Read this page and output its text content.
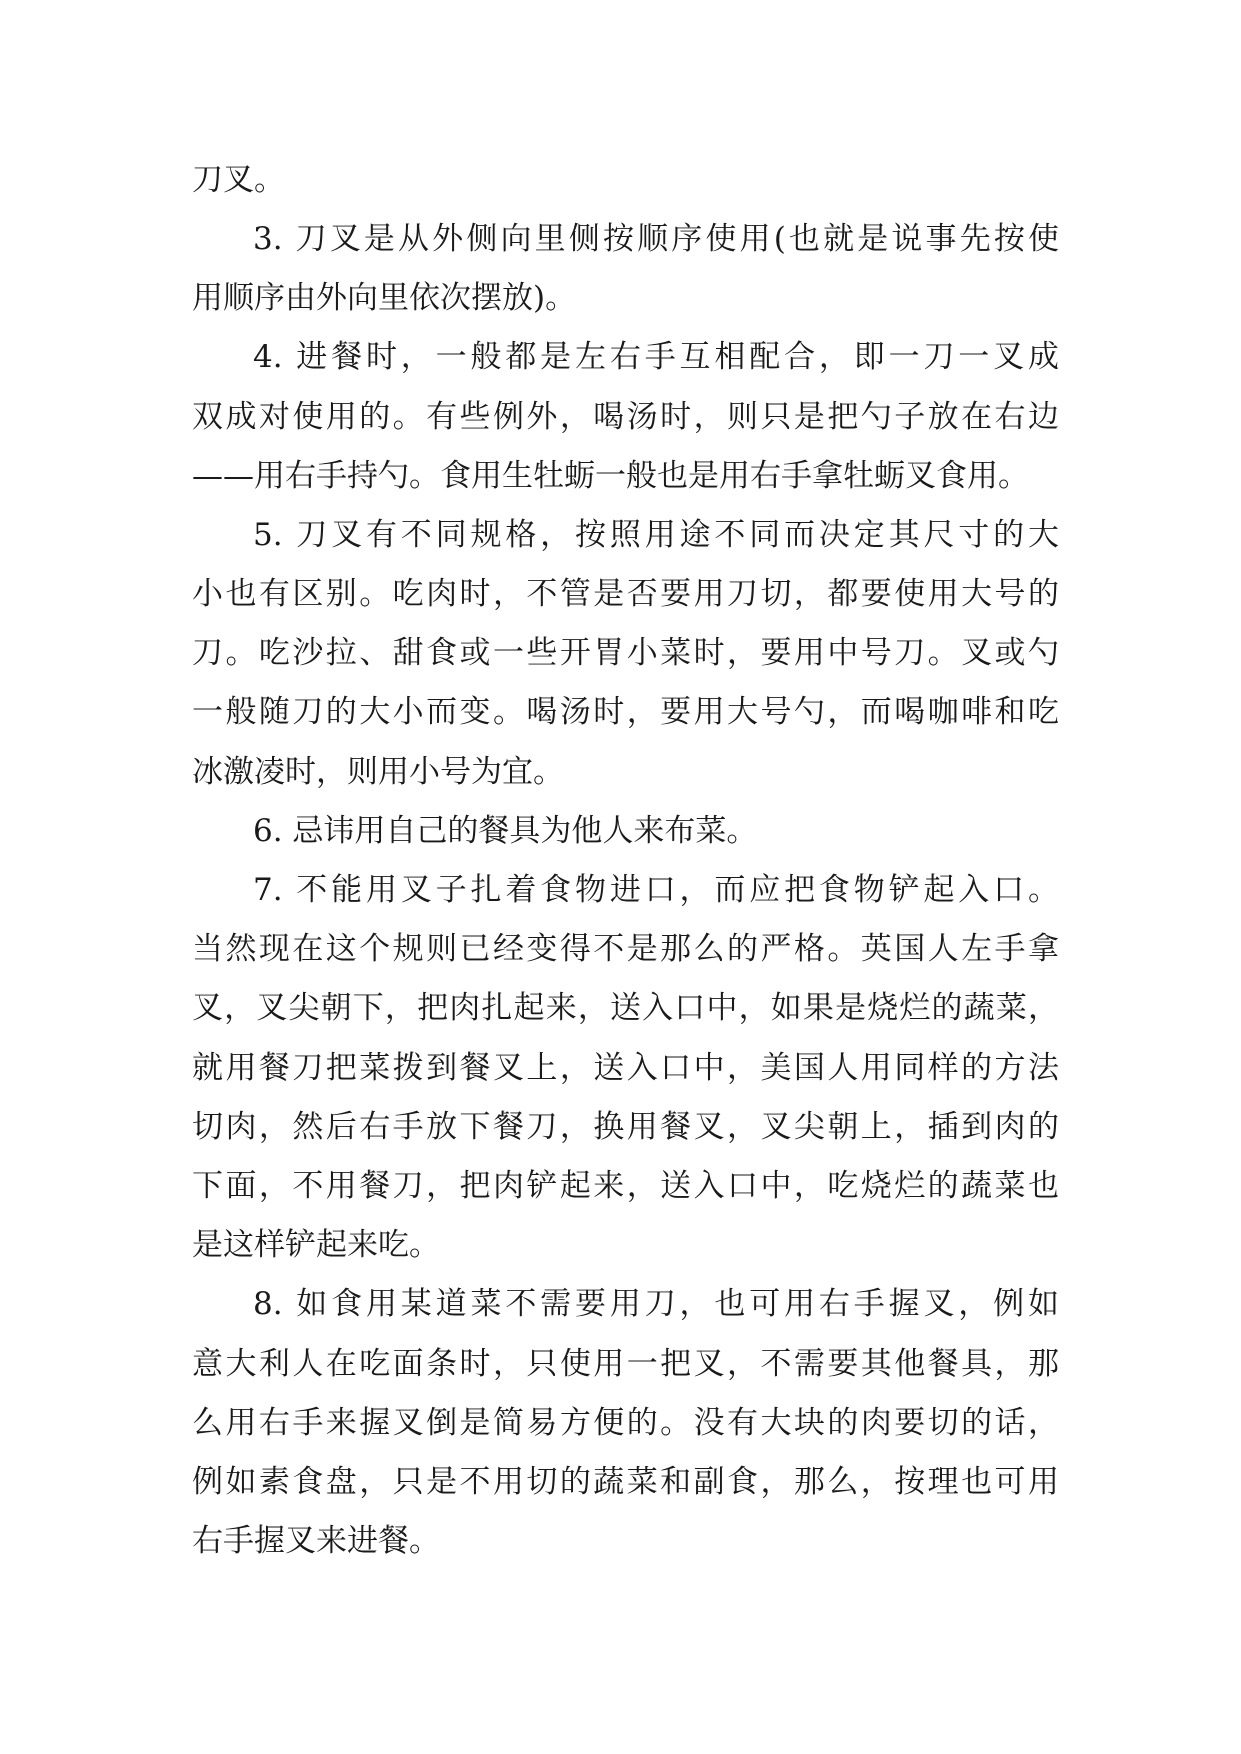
刀叉。

3. 刀叉是从外侧向里侧按顺序使用(也就是说事先按使

用顺序由外向里依次摆放)。

4. 进餐时，一般都是左右手互相配合，即一刀一叉成

双成对使用的。有些例外，喝汤时，则只是把勺子放在右边

——用右手持勺。食用生牡蛎一般也是用右手拿牡蛎叉食用。

5. 刀叉有不同规格，按照用途不同而决定其尺寸的大

小也有区别。吃肉时，不管是否要用刀切，都要使用大号的

刀。吃沙拉、甜食或一些开胃小菜时，要用中号刀。叉或勺

一般随刀的大小而变。喝汤时，要用大号勺，而喝咖啡和吃

冰激凌时，则用小号为宜。

6. 忌讳用自己的餐具为他人来布菜。

7. 不能用叉子扎着食物进口，而应把食物铲起入口。

当然现在这个规则已经变得不是那么的严格。英国人左手拿

叉，叉尖朝下，把肉扎起来，送入口中，如果是烧烂的蔬菜，

就用餐刀把菜拨到餐叉上，送入口中，美国人用同样的方法

切肉，然后右手放下餐刀，换用餐叉，叉尖朝上，插到肉的

下面，不用餐刀，把肉铲起来，送入口中，吃烧烂的蔬菜也

是这样铲起来吃。

8. 如食用某道菜不需要用刀，也可用右手握叉，例如

意大利人在吃面条时，只使用一把叉，不需要其他餐具，那

么用右手来握叉倒是简易方便的。没有大块的肉要切的话，

例如素食盘，只是不用切的蔬菜和副食，那么，按理也可用

右手握叉来进餐。
